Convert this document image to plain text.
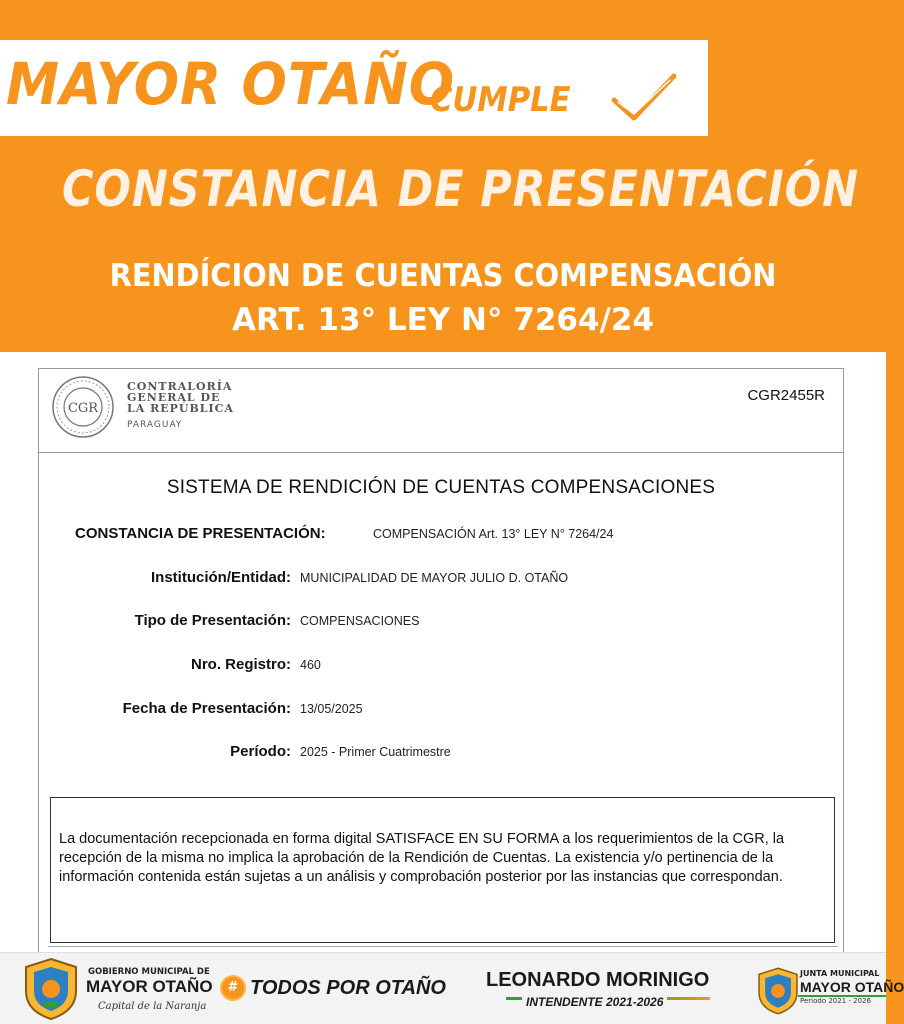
MAYOR OTAÑO
CUMPLE
CONSTANCIA DE PRESENTACIÓN
RENDÍCION DE CUENTAS COMPENSACIÓN
ART. 13° LEY N° 7264/24
CGR
CONTRALORÍA
GENERAL DE
LA REPÚBLICA
PARAGUAY
CGR2455R
SISTEMA DE RENDICIÓN DE CUENTAS COMPENSACIONES
CONSTANCIA DE PRESENTACIÓN:	COMPENSACIÓN Art. 13° LEY N° 7264/24
Institución/Entidad: MUNICIPALIDAD DE MAYOR JULIO D. OTAÑO
Tipo de Presentación: COMPENSACIONES
Nro. Registro: 460
Fecha de Presentación: 13/05/2025
Período: 2025 - Primer Cuatrimestre

La documentación recepcionada en forma digital SATISFACE EN SU FORMA a los requerimientos de la CGR, la recepción de la misma no implica la aprobación de la Rendición de Cuentas. La existencia y/o pertinencia de la información contenida están sujetas a un análisis y comprobación posterior por las instancias que correspondan.

GOBIERNO MUNICIPAL DE
MAYOR OTAÑO
Capital de la Naranja
# TODOS POR OTAÑO LEONARDO MORINIGO
INTENDENTE 2021-2026
JUNTA MUNICIPAL
MAYOR OTAÑO
Periodo 2021 - 2026
